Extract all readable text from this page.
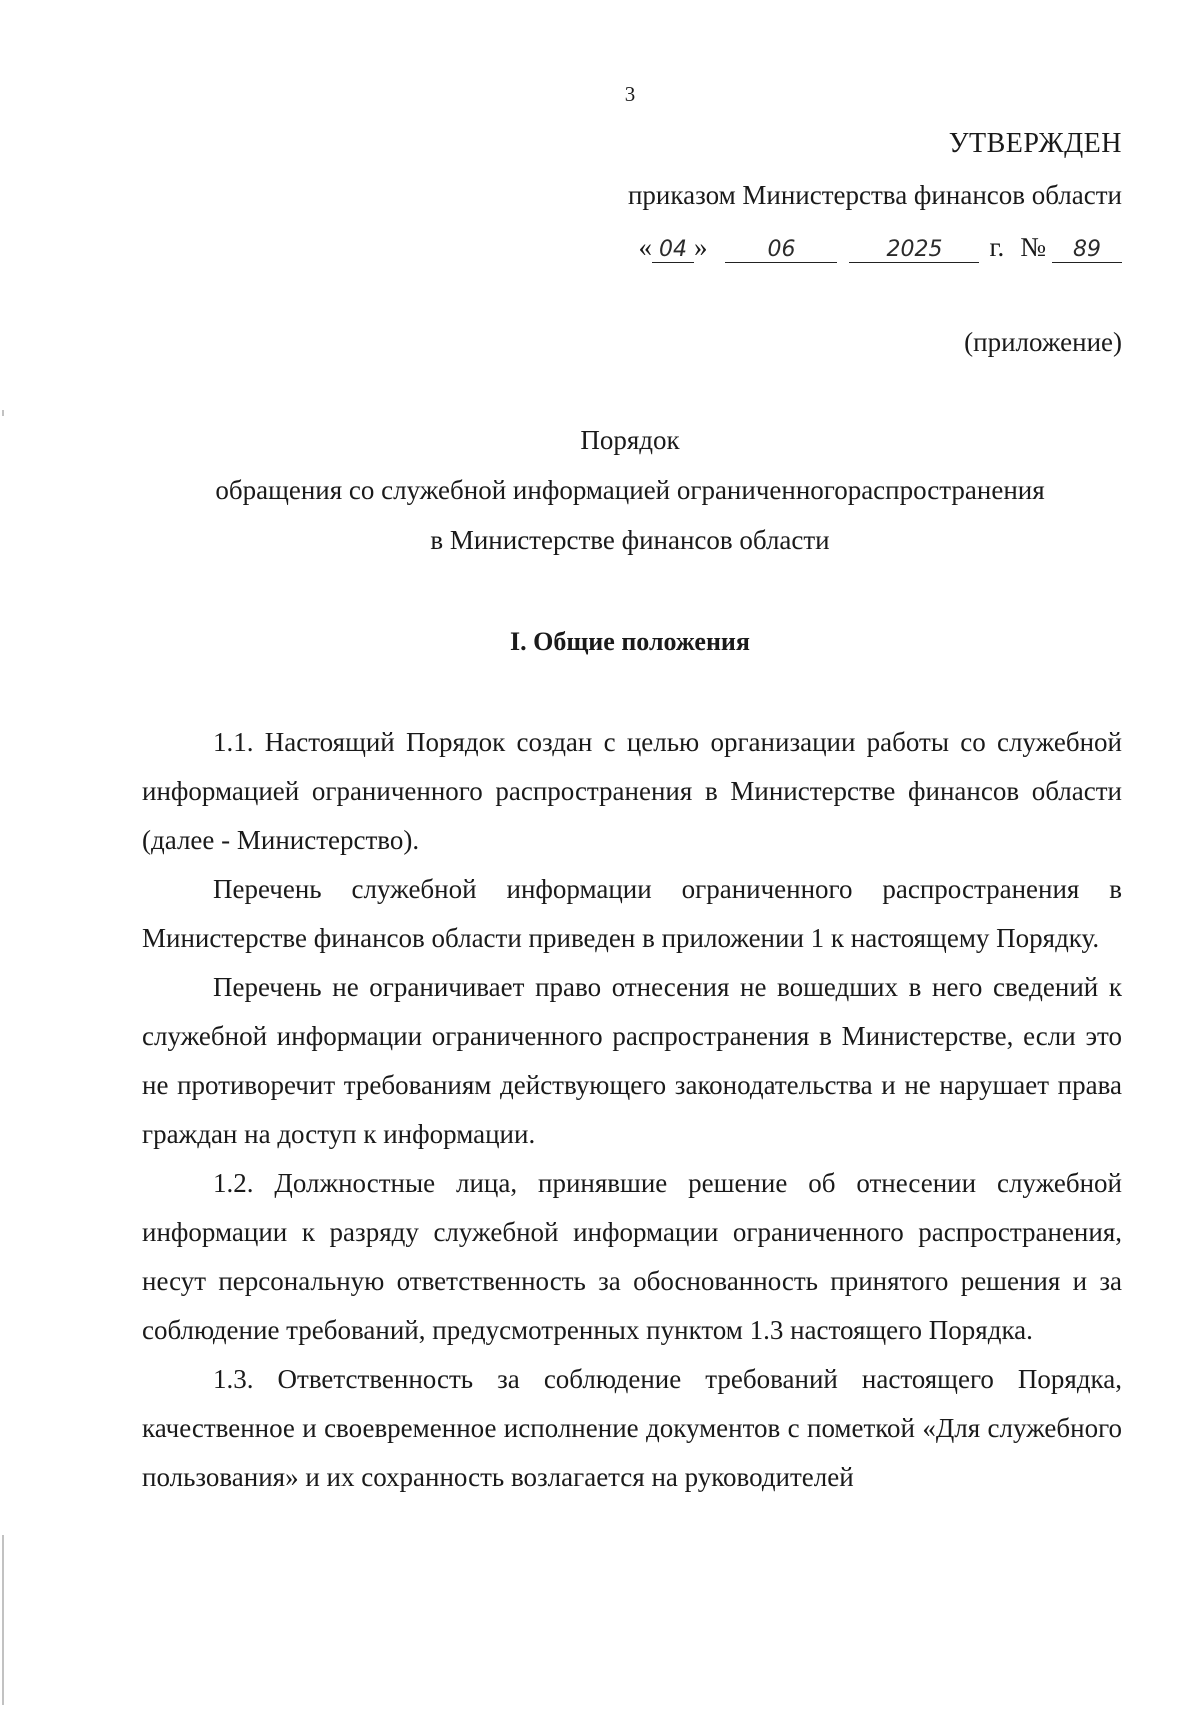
3
УТВЕРЖДЕН
приказом Министерства финансов области
« 04 »	06	2025	г. №	89
(приложение)
Порядок
обращения со служебной информацией ограниченногораспространения
в Министерстве финансов области
I. Общие положения

1.1. Настоящий Порядок создан с целью организации работы со служебной информацией ограниченного распространения в Министерстве финансов области (далее - Министерство).

Перечень служебной информации ограниченного распространения в Министерстве финансов области приведен в приложении 1 к настоящему Порядку.

Перечень не ограничивает право отнесения не вошедших в него сведений к служебной информации ограниченного распространения в Министерстве, если это не противоречит требованиям действующего законодательства и не нарушает права граждан на доступ к информации.

1.2. Должностные лица, принявшие решение об отнесении служебной информации к разряду служебной информации ограниченного распространения, несут персональную ответственность за обоснованность принятого решения и за соблюдение требований, предусмотренных пунктом 1.3 настоящего Порядка.

1.3. Ответственность за соблюдение требований настоящего Порядка, качественное и своевременное исполнение документов с пометкой «Для служебного пользования» и их сохранность возлагается на руководителей
